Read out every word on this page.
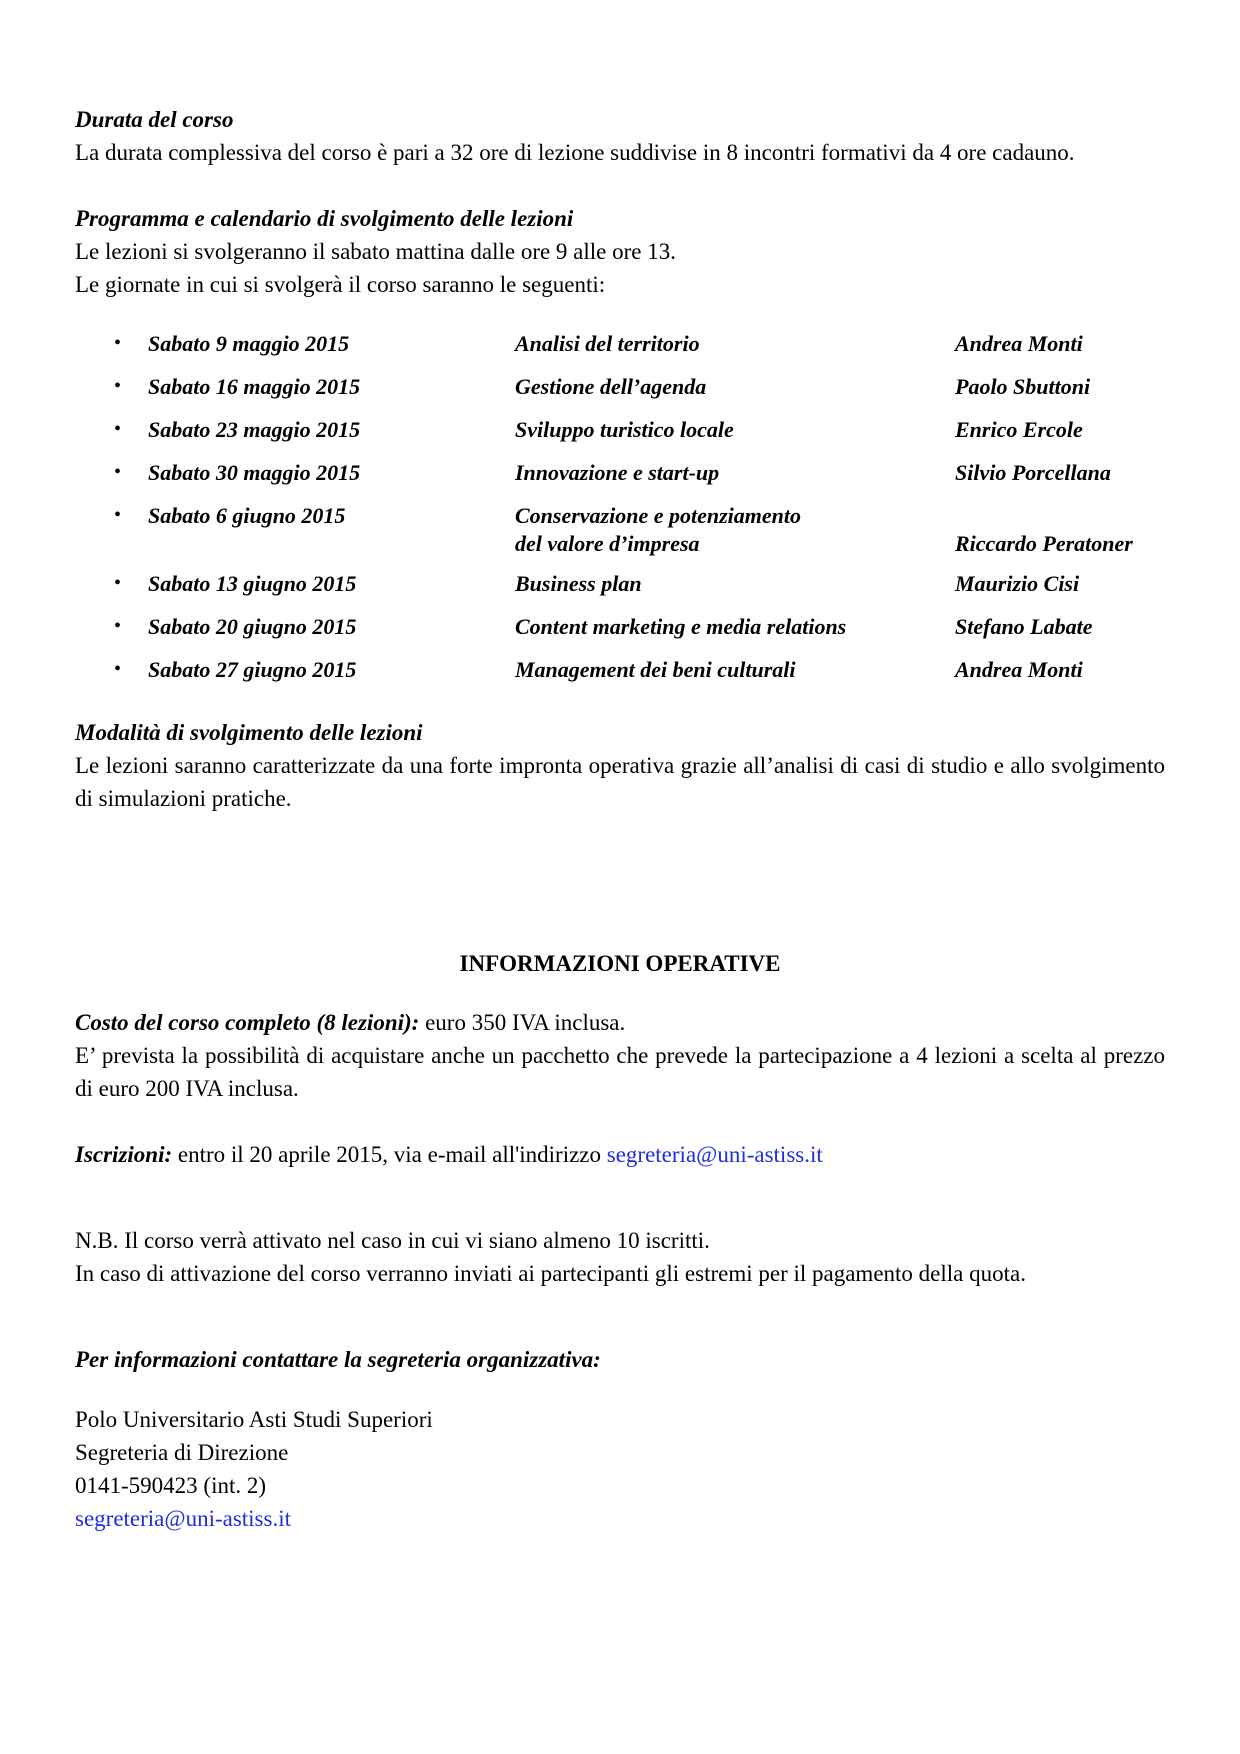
Durata del corso

La durata complessiva del corso è pari a 32 ore di lezione suddivise in 8 incontri formativi da 4 ore cadauno.

Programma e calendario di svolgimento delle lezioni

Le lezioni si svolgeranno il sabato mattina dalle ore 9 alle ore 13.

Le giornate in cui si svolgerà il corso saranno le seguenti:

• Sabato 9 maggio 2015	Analisi del territorio	Andrea Monti
• Sabato 16 maggio 2015	Gestione dell’agenda	Paolo Sbuttoni
• Sabato 23 maggio 2015	Sviluppo turistico locale	Enrico Ercole
• Sabato 30 maggio 2015	Innovazione e start-up	Silvio Porcellana
• Sabato 6 giugno 2015	Conservazione e potenziamento
del valore d’impresa	Riccardo Peratoner
• Sabato 13 giugno 2015	Business plan	Maurizio Cisi
• Sabato 20 giugno 2015	Content marketing e media relations	Stefano Labate
• Sabato 27 giugno 2015	Management dei beni culturali	Andrea Monti

Modalità di svolgimento delle lezioni

Le lezioni saranno caratterizzate da una forte impronta operativa grazie all’analisi di casi di studio e allo svolgimento di simulazioni pratiche.

INFORMAZIONI OPERATIVE

Costo del corso completo (8 lezioni): euro 350 IVA inclusa.

E’ prevista la possibilità di acquistare anche un pacchetto che prevede la partecipazione a 4 lezioni a scelta al prezzo di euro 200 IVA inclusa.

Iscrizioni: entro il 20 aprile 2015, via e-mail all'indirizzo segreteria@uni-astiss.it

N.B. Il corso verrà attivato nel caso in cui vi siano almeno 10 iscritti.

In caso di attivazione del corso verranno inviati ai partecipanti gli estremi per il pagamento della quota.

Per informazioni contattare la segreteria organizzativa:

Polo Universitario Asti Studi Superiori

Segreteria di Direzione

0141-590423 (int. 2)

segreteria@uni-astiss.it
